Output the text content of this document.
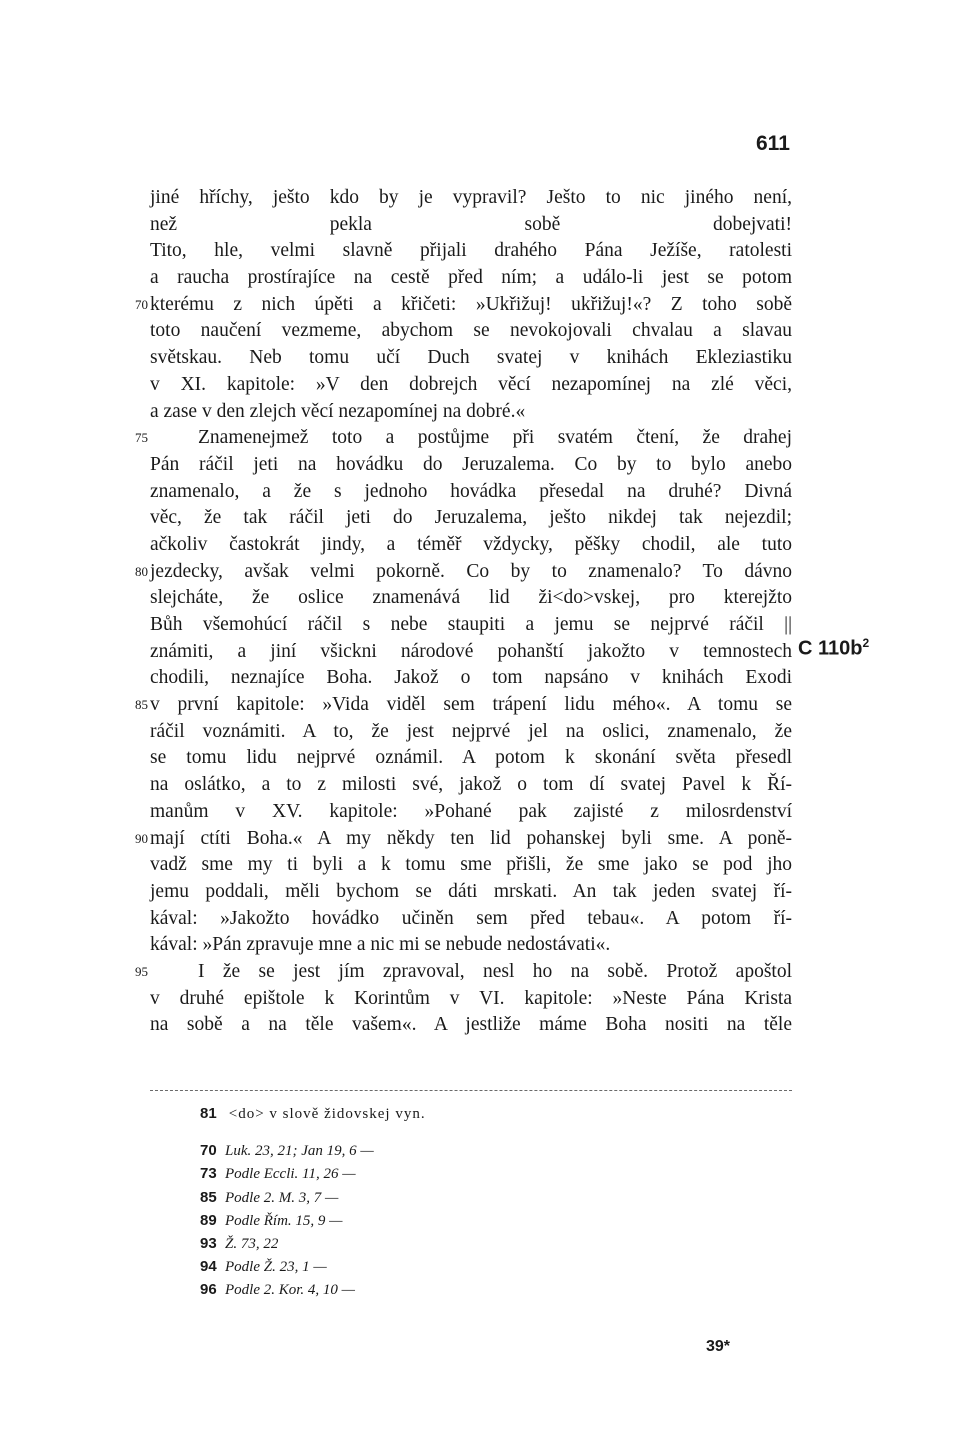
611
jiné hříchy, ješto kdo by je vypravil? Ješto to nic jiného není,
než pekla sobě dobejvati!
Tito, hle, velmi slavně přijali drahého Pána Ježíše, ratolesti
a raucha prostírajíce na cestě před ním; a událo-li jest se potom
70 kterému z nich úpěti a křičeti: »Ukřižuj! ukřižuj!«? Z toho sobě
toto naučení vezmeme, abychom se nevokojovali chvalau a slavau
světskau. Neb tomu učí Duch svatej v knihách Ekleziastiku
v XI. kapitole: »V den dobrejch věcí nezapomínej na zlé věci,
a zase v den zlejch věcí nezapomínej na dobré.«
75	Znamenejmež toto a postůjme při svatém čtení, že drahej
Pán ráčil jeti na hovádku do Jeruzalema. Co by to bylo anebo
znamenalo, a že s jednoho hovádka přesedal na druhé? Divná
věc, že tak ráčil jeti do Jeruzalema, ješto nikdej tak nejezdil;
ačkoliv častokrát jindy, a téměř vždycky, pěšky chodil, ale tuto
80 jezdecky, avšak velmi pokorně. Co by to znamenalo? To dávno
slejcháte, že oslice znamenává lid ži<do>vskej, pro kterejžto
Bůh všemohúcí ráčil s nebe staupiti a jemu se nejprvé ráčil ||
známiti, a jiní všickni národové pohanští jakožto v temnostech
chodili, neznajíce Boha. Jakož o tom napsáno v knihách Exodi
85 v první kapitole: »Vida viděl sem trápení lidu mého«. A tomu se
ráčil voznámiti. A to, že jest nejprvé jel na oslici, znamenalo, že
se tomu lidu nejprvé oznámil. A potom k skonání světa přesedl
na oslátko, a to z milosti své, jakož o tom dí svatej Pavel k Ří-
manům v XV. kapitole: »Pohané pak zajisté z milosrdenství
90 mají ctíti Boha.« A my někdy ten lid pohanskej byli sme. A poně-
vadž sme my ti byli a k tomu sme přišli, že sme jako se pod jho
jemu poddali, měli bychom se dáti mrskati. An tak jeden svatej ří-
kával: »Jakožto hovádko učiněn sem před tebau«. A potom ří-
kával: »Pán zpravuje mne a nic mi se nebude nedostávati«.
95	I že se jest jím zpravoval, nesl ho na sobě. Protož apoštol
v druhé epištole k Korintům v VI. kapitole: »Neste Pána Krista
na sobě a na těle vašem«. A jestliže máme Boha nositi na těle
C $110b^2$
81 <do> v slově židovskej vyn.
70 Luk. 23, 21; Jan 19, 6 —
73 Podle Eccli. 11, 26 —
85 Podle 2. M. 3, 7 —
89 Podle Řím. 15, 9 —
93 Ž. 73, 22
94 Podle Ž. 23, 1 —
96 Podle 2. Kor. 4, 10 —
39*
